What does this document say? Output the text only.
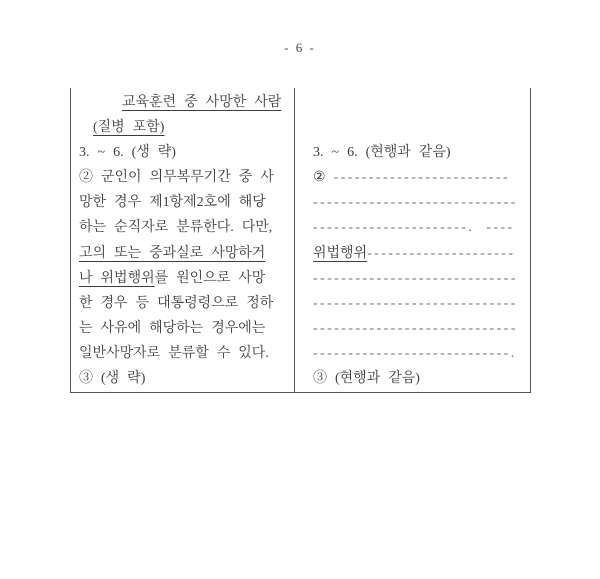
- 6 -
교육훈련 중 사망한 사람
(질병 포함)
3. ~ 6. (생 략)
② 군인이 의무복무기간 중 사
망한 경우 제1항제2호에 해당
하는 순직자로 분류한다. 다만,
고의 또는 중과실로 사망하거
나 위법행위를 원인으로 사망
한 경우 등 대통령령으로 정하
는 사유에 해당하는 경우에는
일반사망자로 분류할 수 있다.
③ (생 략)
3. ~ 6. (현행과 같음)
② -------------------------
-----------------------------
----------------------. ----
위법행위---------------------
-----------------------------
-----------------------------
-----------------------------
----------------------------.
③ (현행과 같음)
